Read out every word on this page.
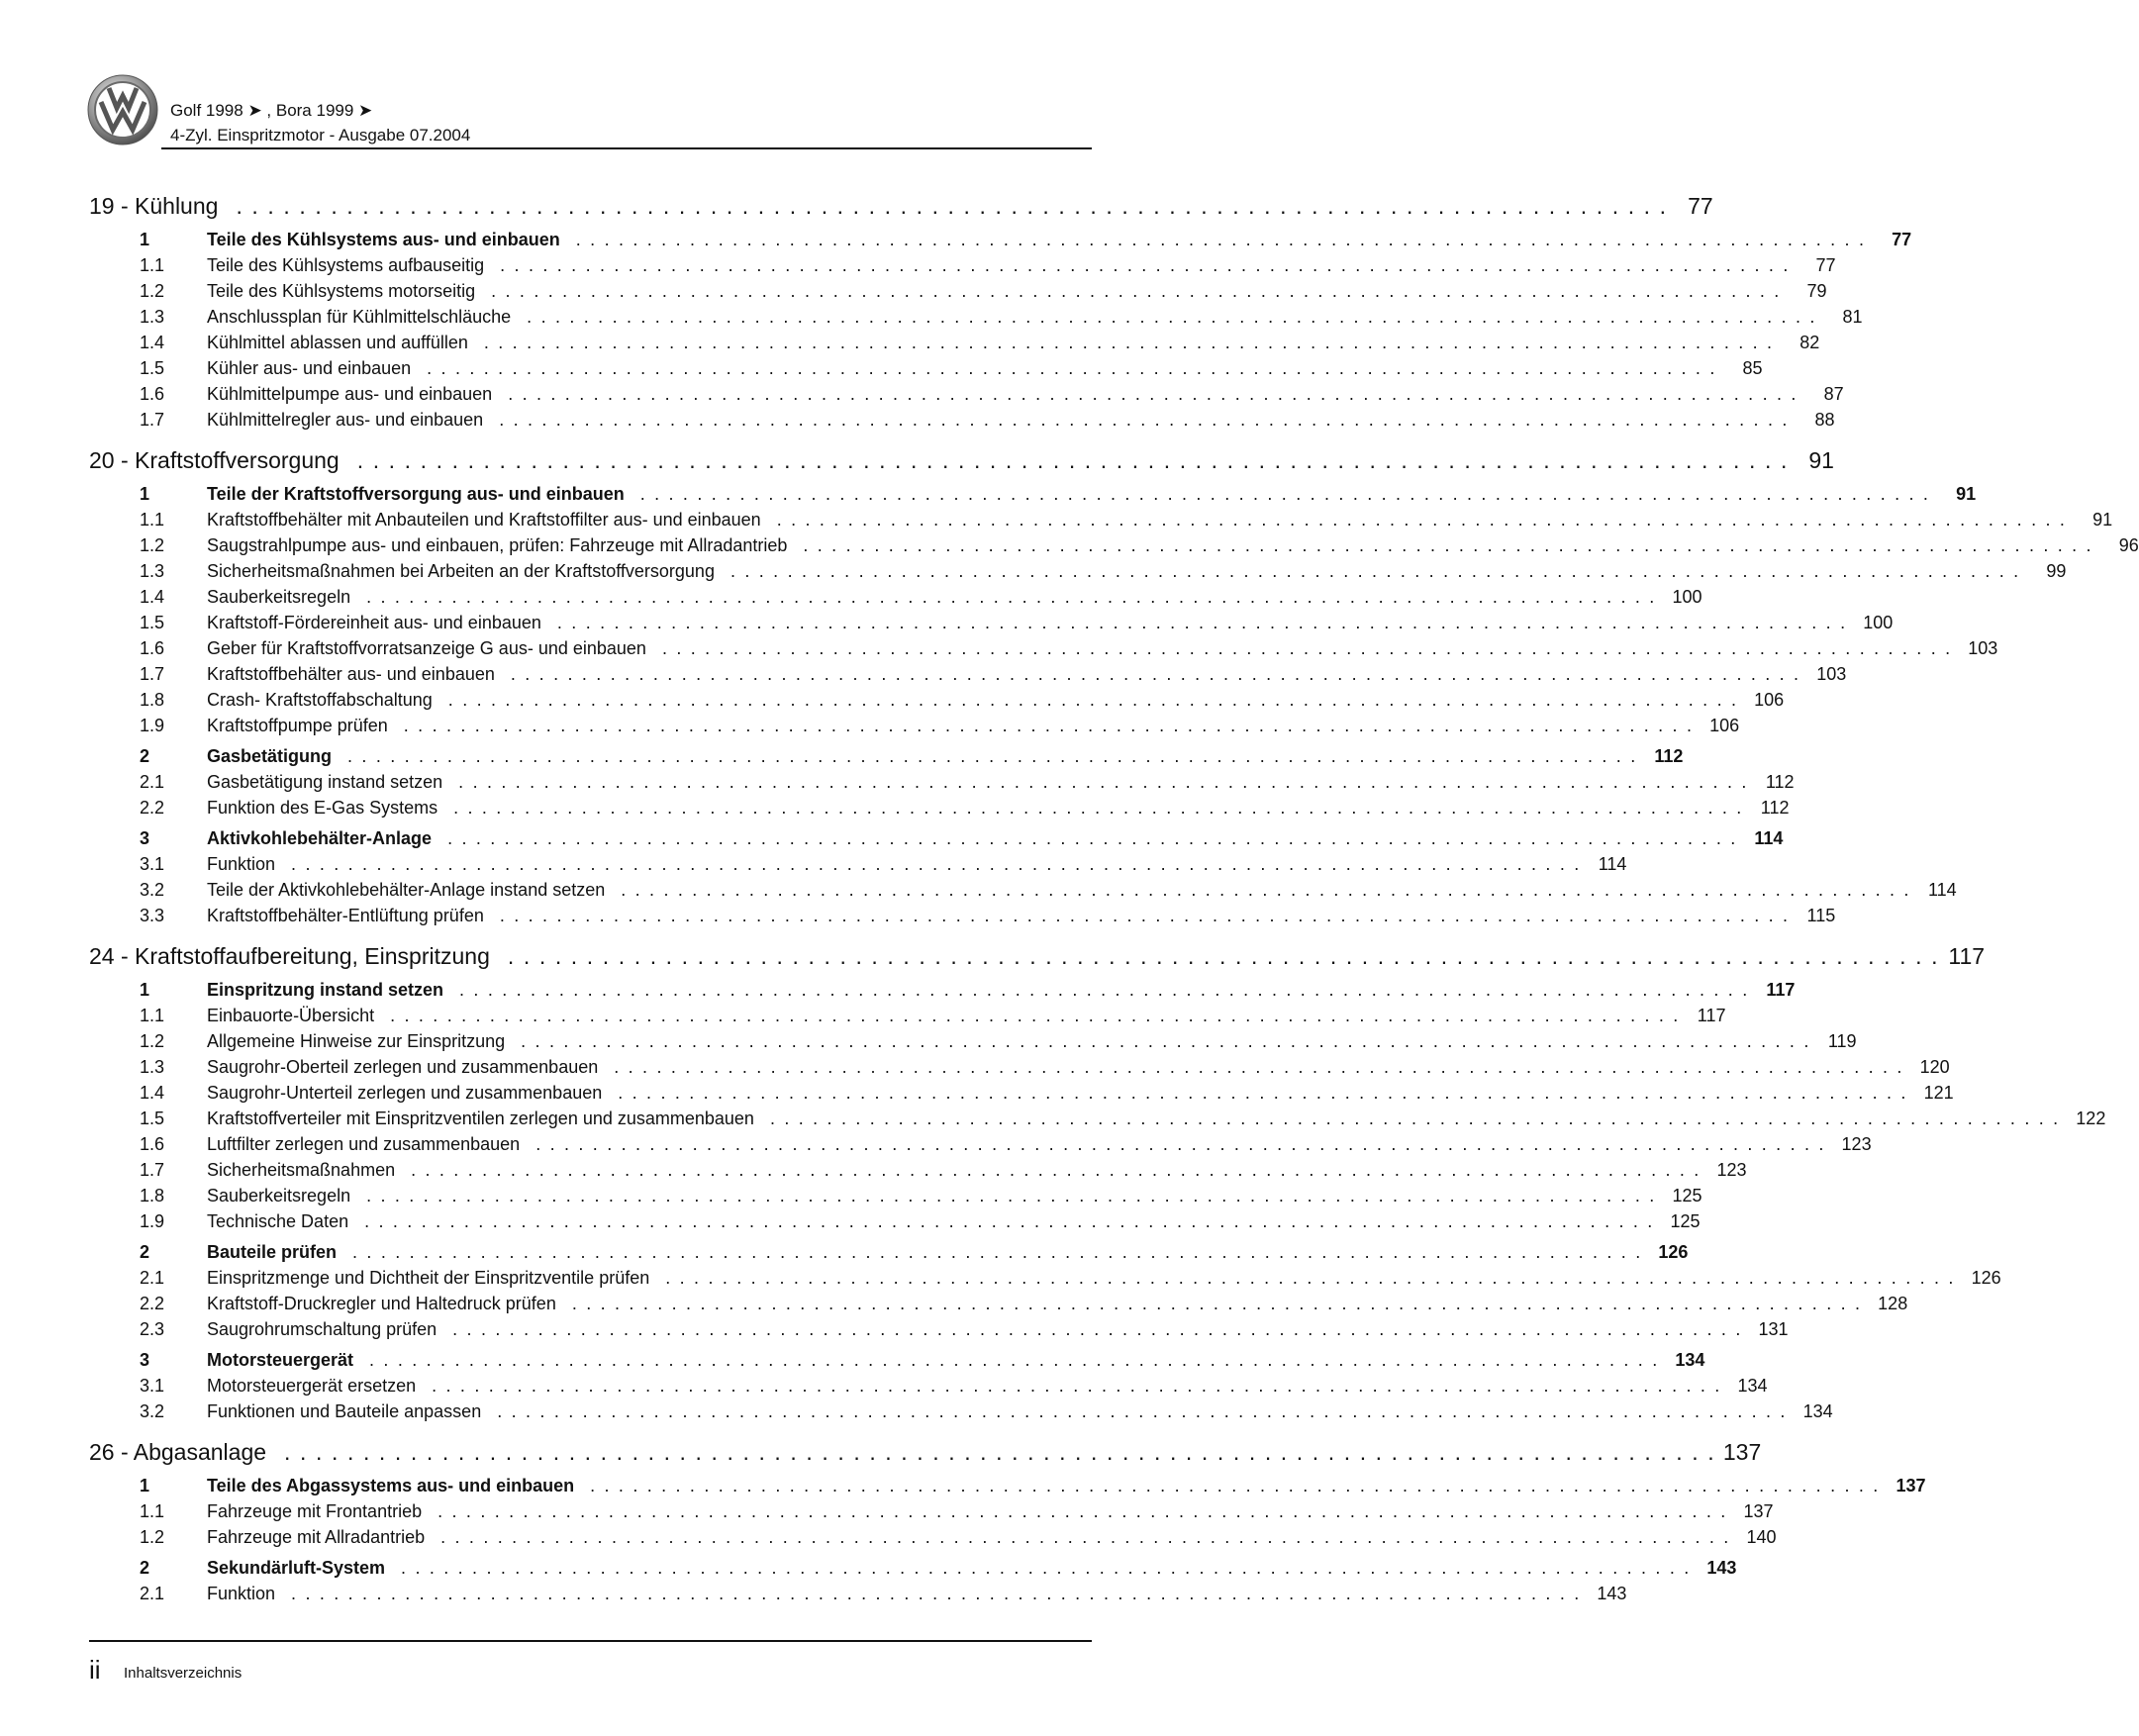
Golf 1998 ➤ , Bora 1999 ➤
4-Zyl. Einspritzmotor - Ausgabe 07.2004
19 - Kühlung . . . . . . . . . . . . . . . . . . . . . . . . . . . . . . . . . . . . . . . . . . . . . . . . . . . . . . . . . . . . . . . . . . . . . . . . . . . . . . . . . . . . . . . . . . . 77
1	Teile des Kühlsystems aus- und einbauen . . . . . . . . . . . . . . . . . . . . . . . . . . . . . . . . . . . . . . . . . . . . . . . . . . . . . . . . . . . . . . . . . . . . . . . . . . . . . . . . . . . . . . . . . . .	77
1.1	Teile des Kühlsystems aufbauseitig . . . . . . . . . . . . . . . . . . . . . . . . . . . . . . . . . . . . . . . . . . . . . . . . . . . . . . . . . . . . . . . . . . . . . . . . . . . . . . . . . . . . . . . . . . .	77
1.2	Teile des Kühlsystems motorseitig . . . . . . . . . . . . . . . . . . . . . . . . . . . . . . . . . . . . . . . . . . . . . . . . . . . . . . . . . . . . . . . . . . . . . . . . . . . . . . . . . . . . . . . . . . .	79
1.3	Anschlussplan für Kühlmittelschläuche . . . . . . . . . . . . . . . . . . . . . . . . . . . . . . . . . . . . . . . . . . . . . . . . . . . . . . . . . . . . . . . . . . . . . . . . . . . . . . . . . . . . . . . . . . .	81
1.4	Kühlmittel ablassen und auffüllen . . . . . . . . . . . . . . . . . . . . . . . . . . . . . . . . . . . . . . . . . . . . . . . . . . . . . . . . . . . . . . . . . . . . . . . . . . . . . . . . . . . . . . . . . . .	82
1.5	Kühler aus- und einbauen . . . . . . . . . . . . . . . . . . . . . . . . . . . . . . . . . . . . . . . . . . . . . . . . . . . . . . . . . . . . . . . . . . . . . . . . . . . . . . . . . . . . . . . . . . .	85
1.6	Kühlmittelpumpe aus- und einbauen . . . . . . . . . . . . . . . . . . . . . . . . . . . . . . . . . . . . . . . . . . . . . . . . . . . . . . . . . . . . . . . . . . . . . . . . . . . . . . . . . . . . . . . . . . .	87
1.7	Kühlmittelregler aus- und einbauen . . . . . . . . . . . . . . . . . . . . . . . . . . . . . . . . . . . . . . . . . . . . . . . . . . . . . . . . . . . . . . . . . . . . . . . . . . . . . . . . . . . . . . . . . . .	88
20 - Kraftstoffversorgung . . . . . . . . . . . . . . . . . . . . . . . . . . . . . . . . . . . . . . . . . . . . . . . . . . . . . . . . . . . . . . . . . . . . . . . . . . . . . . . . . . . . . . . . . . . 91
1	Teile der Kraftstoffversorgung aus- und einbauen . . . . . . . . . . . . . . . . . . . . . . . . . . . . . . . . . . . . . . . . . . . . . . . . . . . . . . . . . . . . . . . . . . . . . . . . . . . . . . . . . . . . . . . . . . .	91
1.1	Kraftstoffbehälter mit Anbauteilen und Kraftstoffilter aus- und einbauen . . . . . . . . . . . . . . . . . . . . . . . . . . . . . . . . . . . . . . . . . . . . . . . . . . . . . . . . . . . . . . . . . . . . . . . . . . . . . . . . . . . . . . . . . . .	91
1.2	Saugstrahlpumpe aus- und einbauen, prüfen: Fahrzeuge mit Allradantrieb . . . . . . . . . . . . . . . . . . . . . . . . . . . . . . . . . . . . . . . . . . . . . . . . . . . . . . . . . . . . . . . . . . . . . . . . . . . . . . . . . . . . . . . . . . .	96
1.3	Sicherheitsmaßnahmen bei Arbeiten an der Kraftstoffversorgung . . . . . . . . . . . . . . . . . . . . . . . . . . . . . . . . . . . . . . . . . . . . . . . . . . . . . . . . . . . . . . . . . . . . . . . . . . . . . . . . . . . . . . . . . . .	99
1.4	Sauberkeitsregeln . . . . . . . . . . . . . . . . . . . . . . . . . . . . . . . . . . . . . . . . . . . . . . . . . . . . . . . . . . . . . . . . . . . . . . . . . . . . . . . . . . . . . . . . . . . 100
1.5	Kraftstoff-Fördereinheit aus- und einbauen . . . . . . . . . . . . . . . . . . . . . . . . . . . . . . . . . . . . . . . . . . . . . . . . . . . . . . . . . . . . . . . . . . . . . . . . . . . . . . . . . . . . . . . . . . . 100
1.6	Geber für Kraftstoffvorratsanzeige G aus- und einbauen . . . . . . . . . . . . . . . . . . . . . . . . . . . . . . . . . . . . . . . . . . . . . . . . . . . . . . . . . . . . . . . . . . . . . . . . . . . . . . . . . . . . . . . . . . . 103
1.7	Kraftstoffbehälter aus- und einbauen . . . . . . . . . . . . . . . . . . . . . . . . . . . . . . . . . . . . . . . . . . . . . . . . . . . . . . . . . . . . . . . . . . . . . . . . . . . . . . . . . . . . . . . . . . . 103
1.8	Crash- Kraftstoffabschaltung . . . . . . . . . . . . . . . . . . . . . . . . . . . . . . . . . . . . . . . . . . . . . . . . . . . . . . . . . . . . . . . . . . . . . . . . . . . . . . . . . . . . . . . . . . . 106
1.9	Kraftstoffpumpe prüfen . . . . . . . . . . . . . . . . . . . . . . . . . . . . . . . . . . . . . . . . . . . . . . . . . . . . . . . . . . . . . . . . . . . . . . . . . . . . . . . . . . . . . . . . . . . 106
2	Gasbetätigung . . . . . . . . . . . . . . . . . . . . . . . . . . . . . . . . . . . . . . . . . . . . . . . . . . . . . . . . . . . . . . . . . . . . . . . . . . . . . . . . . . . . . . . . . . . 112
2.1	Gasbetätigung instand setzen . . . . . . . . . . . . . . . . . . . . . . . . . . . . . . . . . . . . . . . . . . . . . . . . . . . . . . . . . . . . . . . . . . . . . . . . . . . . . . . . . . . . . . . . . . . 112
2.2	Funktion des E-Gas Systems . . . . . . . . . . . . . . . . . . . . . . . . . . . . . . . . . . . . . . . . . . . . . . . . . . . . . . . . . . . . . . . . . . . . . . . . . . . . . . . . . . . . . . . . . . . 112
3	Aktivkohlebehälter-Anlage . . . . . . . . . . . . . . . . . . . . . . . . . . . . . . . . . . . . . . . . . . . . . . . . . . . . . . . . . . . . . . . . . . . . . . . . . . . . . . . . . . . . . . . . . . . 114
3.1	Funktion . . . . . . . . . . . . . . . . . . . . . . . . . . . . . . . . . . . . . . . . . . . . . . . . . . . . . . . . . . . . . . . . . . . . . . . . . . . . . . . . . . . . . . . . . . . 114
3.2	Teile der Aktivkohlebehälter-Anlage instand setzen . . . . . . . . . . . . . . . . . . . . . . . . . . . . . . . . . . . . . . . . . . . . . . . . . . . . . . . . . . . . . . . . . . . . . . . . . . . . . . . . . . . . . . . . . . . 114
3.3	Kraftstoffbehälter-Entlüftung prüfen . . . . . . . . . . . . . . . . . . . . . . . . . . . . . . . . . . . . . . . . . . . . . . . . . . . . . . . . . . . . . . . . . . . . . . . . . . . . . . . . . . . . . . . . . . . 115
24 - Kraftstoffaufbereitung, Einspritzung . . . . . . . . . . . . . . . . . . . . . . . . . . . . . . . . . . . . . . . . . . . . . . . . . . . . . . . . . . . . . . . . . . . . . . . . . . . . . . . . . . . . . . . . . . . 117
1	Einspritzung instand setzen . . . . . . . . . . . . . . . . . . . . . . . . . . . . . . . . . . . . . . . . . . . . . . . . . . . . . . . . . . . . . . . . . . . . . . . . . . . . . . . . . . . . . . . . . . . 117
1.1	Einbauorte-Übersicht . . . . . . . . . . . . . . . . . . . . . . . . . . . . . . . . . . . . . . . . . . . . . . . . . . . . . . . . . . . . . . . . . . . . . . . . . . . . . . . . . . . . . . . . . . . 117
1.2	Allgemeine Hinweise zur Einspritzung . . . . . . . . . . . . . . . . . . . . . . . . . . . . . . . . . . . . . . . . . . . . . . . . . . . . . . . . . . . . . . . . . . . . . . . . . . . . . . . . . . . . . . . . . . . 119
1.3	Saugrohr-Oberteil zerlegen und zusammenbauen . . . . . . . . . . . . . . . . . . . . . . . . . . . . . . . . . . . . . . . . . . . . . . . . . . . . . . . . . . . . . . . . . . . . . . . . . . . . . . . . . . . . . . . . . . . 120
1.4	Saugrohr-Unterteil zerlegen und zusammenbauen . . . . . . . . . . . . . . . . . . . . . . . . . . . . . . . . . . . . . . . . . . . . . . . . . . . . . . . . . . . . . . . . . . . . . . . . . . . . . . . . . . . . . . . . . . . 121
1.5	Kraftstoffverteiler mit Einspritzventilen zerlegen und zusammenbauen . . . . . . . . . . . . . . . . . . . . . . . . . . . . . . . . . . . . . . . . . . . . . . . . . . . . . . . . . . . . . . . . . . . . . . . . . . . . . . . . . . . . . . . . . . . 122
1.6	Luftfilter zerlegen und zusammenbauen . . . . . . . . . . . . . . . . . . . . . . . . . . . . . . . . . . . . . . . . . . . . . . . . . . . . . . . . . . . . . . . . . . . . . . . . . . . . . . . . . . . . . . . . . . . 123
1.7	Sicherheitsmaßnahmen . . . . . . . . . . . . . . . . . . . . . . . . . . . . . . . . . . . . . . . . . . . . . . . . . . . . . . . . . . . . . . . . . . . . . . . . . . . . . . . . . . . . . . . . . . . 123
1.8	Sauberkeitsregeln . . . . . . . . . . . . . . . . . . . . . . . . . . . . . . . . . . . . . . . . . . . . . . . . . . . . . . . . . . . . . . . . . . . . . . . . . . . . . . . . . . . . . . . . . . . 125
1.9	Technische Daten . . . . . . . . . . . . . . . . . . . . . . . . . . . . . . . . . . . . . . . . . . . . . . . . . . . . . . . . . . . . . . . . . . . . . . . . . . . . . . . . . . . . . . . . . . . 125
2	Bauteile prüfen . . . . . . . . . . . . . . . . . . . . . . . . . . . . . . . . . . . . . . . . . . . . . . . . . . . . . . . . . . . . . . . . . . . . . . . . . . . . . . . . . . . . . . . . . . . 126
2.1	Einspritzmenge und Dichtheit der Einspritzventile prüfen . . . . . . . . . . . . . . . . . . . . . . . . . . . . . . . . . . . . . . . . . . . . . . . . . . . . . . . . . . . . . . . . . . . . . . . . . . . . . . . . . . . . . . . . . . . 126
2.2	Kraftstoff-Druckregler und Haltedruck prüfen . . . . . . . . . . . . . . . . . . . . . . . . . . . . . . . . . . . . . . . . . . . . . . . . . . . . . . . . . . . . . . . . . . . . . . . . . . . . . . . . . . . . . . . . . . . 128
2.3	Saugrohrumschaltung prüfen . . . . . . . . . . . . . . . . . . . . . . . . . . . . . . . . . . . . . . . . . . . . . . . . . . . . . . . . . . . . . . . . . . . . . . . . . . . . . . . . . . . . . . . . . . . 131
3	Motorsteuergerät . . . . . . . . . . . . . . . . . . . . . . . . . . . . . . . . . . . . . . . . . . . . . . . . . . . . . . . . . . . . . . . . . . . . . . . . . . . . . . . . . . . . . . . . . . . 134
3.1	Motorsteuergerät ersetzen . . . . . . . . . . . . . . . . . . . . . . . . . . . . . . . . . . . . . . . . . . . . . . . . . . . . . . . . . . . . . . . . . . . . . . . . . . . . . . . . . . . . . . . . . . . 134
3.2	Funktionen und Bauteile anpassen . . . . . . . . . . . . . . . . . . . . . . . . . . . . . . . . . . . . . . . . . . . . . . . . . . . . . . . . . . . . . . . . . . . . . . . . . . . . . . . . . . . . . . . . . . . 134
26 - Abgasanlage . . . . . . . . . . . . . . . . . . . . . . . . . . . . . . . . . . . . . . . . . . . . . . . . . . . . . . . . . . . . . . . . . . . . . . . . . . . . . . . . . . . . . . . . . . . 137
1	Teile des Abgassystems aus- und einbauen . . . . . . . . . . . . . . . . . . . . . . . . . . . . . . . . . . . . . . . . . . . . . . . . . . . . . . . . . . . . . . . . . . . . . . . . . . . . . . . . . . . . . . . . . . . 137
1.1	Fahrzeuge mit Frontantrieb . . . . . . . . . . . . . . . . . . . . . . . . . . . . . . . . . . . . . . . . . . . . . . . . . . . . . . . . . . . . . . . . . . . . . . . . . . . . . . . . . . . . . . . . . . . 137
1.2	Fahrzeuge mit Allradantrieb . . . . . . . . . . . . . . . . . . . . . . . . . . . . . . . . . . . . . . . . . . . . . . . . . . . . . . . . . . . . . . . . . . . . . . . . . . . . . . . . . . . . . . . . . . . 140
2	Sekundärluft-System . . . . . . . . . . . . . . . . . . . . . . . . . . . . . . . . . . . . . . . . . . . . . . . . . . . . . . . . . . . . . . . . . . . . . . . . . . . . . . . . . . . . . . . . . . . 143
2.1	Funktion . . . . . . . . . . . . . . . . . . . . . . . . . . . . . . . . . . . . . . . . . . . . . . . . . . . . . . . . . . . . . . . . . . . . . . . . . . . . . . . . . . . . . . . . . . . 143
ii Inhaltsverzeichnis
